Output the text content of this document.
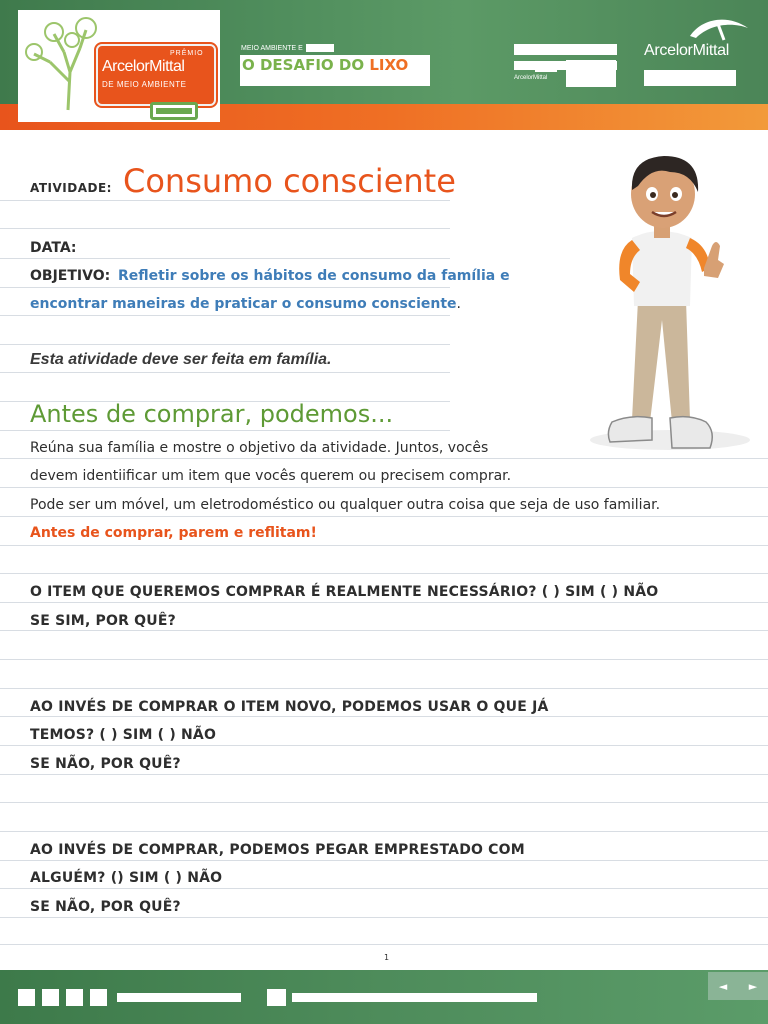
PRÊMIO
ArcelorMittal
DE MEIO AMBIENTE
MEIO AMBIENTE E
O DESAFIO DO LIXO
ArcelorMittal
ArcelorMittal
ATIVIDADE: Consumo consciente
DATA:
OBJETIVO: Refletir sobre os hábitos de consumo da família e
encontrar maneiras de praticar o consumo consciente.
Esta atividade deve ser feita em família.
Antes de comprar, podemos...
Reúna sua família e mostre o objetivo da atividade. Juntos, vocês
devem identiificar um item que vocês querem ou precisem comprar.
Pode ser um móvel, um eletrodoméstico ou qualquer outra coisa que seja de uso familiar.
Antes de comprar, parem e reflitam!
O ITEM QUE QUEREMOS COMPRAR É REALMENTE NECESSÁRIO? ( ) SIM ( ) NÃO
SE SIM, POR QUÊ?
AO INVÉS DE COMPRAR O ITEM NOVO, PODEMOS USAR O QUE JÁ
TEMOS? ( ) SIM ( ) NÃO
SE NÃO, POR QUÊ?
AO INVÉS DE COMPRAR, PODEMOS PEGAR EMPRESTADO COM
ALGUÉM? () SIM ( ) NÃO
SE NÃO, POR QUÊ?
1
◄	►
